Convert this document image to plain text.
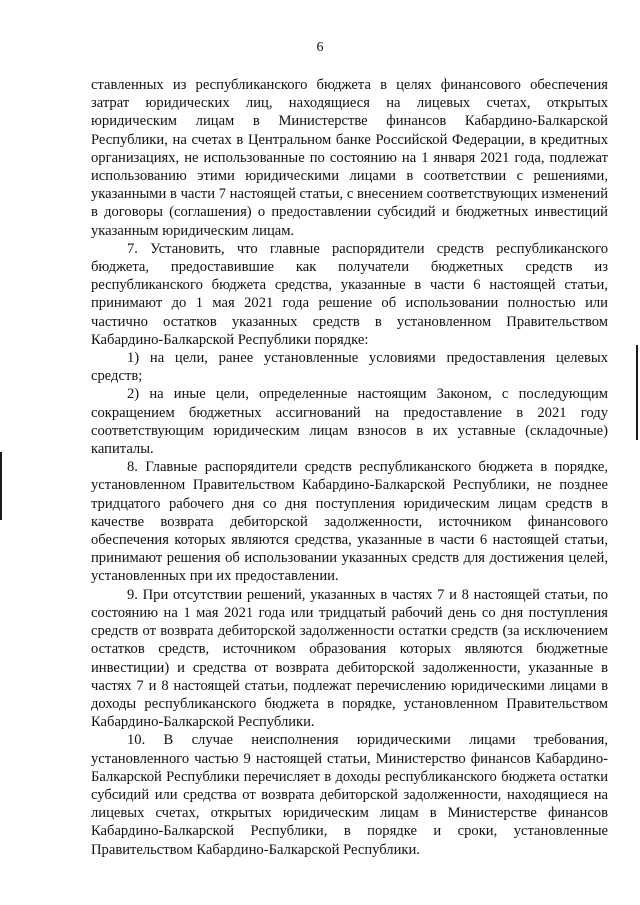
6

ставленных из республиканского бюджета в целях финансового обеспечения затрат юридических лиц, находящиеся на лицевых счетах, открытых юридическим лицам в Министерстве финансов Кабардино-Балкарской Республики, на счетах в Центральном банке Российской Федерации, в кредитных организациях, не использованные по состоянию на 1 января 2021 года, подлежат использованию этими юридическими лицами в соответствии с решениями, указанными в части 7 настоящей статьи, с внесением соответствующих изменений в договоры (соглашения) о предоставлении субсидий и бюджетных инвестиций указанным юридическим лицам.

7. Установить, что главные распорядители средств республиканского бюджета, предоставившие как получатели бюджетных средств из республиканского бюджета средства, указанные в части 6 настоящей статьи, принимают до 1 мая 2021 года решение об использовании полностью или частично остатков указанных средств в установленном Правительством Кабардино-Балкарской Республики порядке:

1) на цели, ранее установленные условиями предоставления целевых средств;

2) на иные цели, определенные настоящим Законом, с последующим сокращением бюджетных ассигнований на предоставление в 2021 году соответствующим юридическим лицам взносов в их уставные (складочные) капиталы.

8. Главные распорядители средств республиканского бюджета в порядке, установленном Правительством Кабардино-Балкарской Республики, не позднее тридцатого рабочего дня со дня поступления юридическим лицам средств в качестве возврата дебиторской задолженности, источником финансового обеспечения которых являются средства, указанные в части 6 настоящей статьи, принимают решения об использовании указанных средств для достижения целей, установленных при их предоставлении.

9. При отсутствии решений, указанных в частях 7 и 8 настоящей статьи, по состоянию на 1 мая 2021 года или тридцатый рабочий день со дня поступления средств от возврата дебиторской задолженности остатки средств (за исключением остатков средств, источником образования которых являются бюджетные инвестиции) и средства от возврата дебиторской задолженности, указанные в частях 7 и 8 настоящей статьи, подлежат перечислению юридическими лицами в доходы республиканского бюджета в порядке, установленном Правительством Кабардино-Балкарской Республики.

10. В случае неисполнения юридическими лицами требования, установленного частью 9 настоящей статьи, Министерство финансов Кабардино-Балкарской Республики перечисляет в доходы республиканского бюджета остатки субсидий или средства от возврата дебиторской задолженности, находящиеся на лицевых счетах, открытых юридическим лицам в Министерстве финансов Кабардино-Балкарской Республики, в порядке и сроки, установленные Правительством Кабардино-Балкарской Республики.
